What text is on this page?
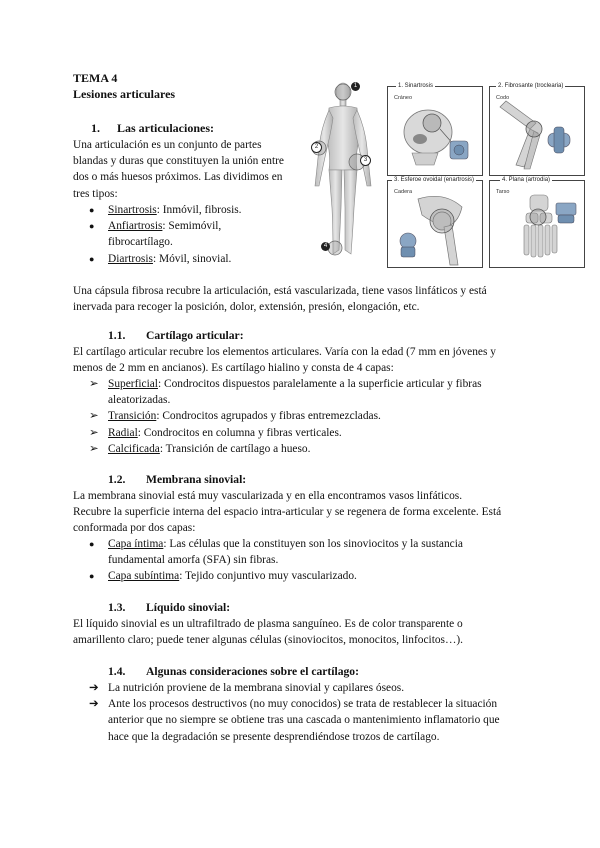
TEMA 4
Lesiones articulares
1. Las articulaciones:
Una articulación es un conjunto de partes
blandas y duras que constituyen la unión entre
dos o más huesos próximos. Las dividimos en
tres tipos:
● Sinartrosis: Inmóvil, fibrosis.
● Anfiartrosis: Semimóvil,
fibrocartílago.
● Diartrosis: Móvil, sinovial.
1
2
3
4
1. Sinartrosis
Cráneo
2. Fibrosante (troclearia)
Codo
3. Esferoe ovoidal (enartrosis)
Cadera
4. Plana (artrodia)
Tarso
Una cápsula fibrosa recubre la articulación, está vascularizada, tiene vasos linfáticos y está
inervada para recoger la posición, dolor, extensión, presión, elongación, etc.
1.1. Cartílago articular:
El cartílago articular recubre los elementos articulares. Varía con la edad (7 mm en jóvenes y
menos de 2 mm en ancianos). Es cartílago hialino y consta de 4 capas:
➢ Superficial: Condrocitos dispuestos paralelamente a la superficie articular y fibras
aleatorizadas.
➢ Transición: Condrocitos agrupados y fibras entremezcladas.
➢ Radial: Condrocitos en columna y fibras verticales.
➢ Calcificada: Transición de cartílago a hueso.
1.2. Membrana sinovial:
La membrana sinovial está muy vascularizada y en ella encontramos vasos linfáticos.
Recubre la superficie interna del espacio intra-articular y se regenera de forma excelente. Está
conformada por dos capas:
●	Capa íntima: Las células que la constituyen son los sinoviocitos y la sustancia
fundamental amorfa (SFA) sin fibras.
●	Capa subíntima: Tejido conjuntivo muy vascularizado.
1.3. Líquido sinovial:
El líquido sinovial es un ultrafiltrado de plasma sanguíneo. Es de color transparente o
amarillento claro; puede tener algunas células (sinoviocitos, monocitos, linfocitos…).
1.4. Algunas consideraciones sobre el cartílago:
➔ La nutrición proviene de la membrana sinovial y capilares óseos.
➔ Ante los procesos destructivos (no muy conocidos) se trata de restablecer la situación
anterior que no siempre se obtiene tras una cascada o mantenimiento inflamatorio que
hace que la degradación se presente desprendiéndose trozos de cartílago.
